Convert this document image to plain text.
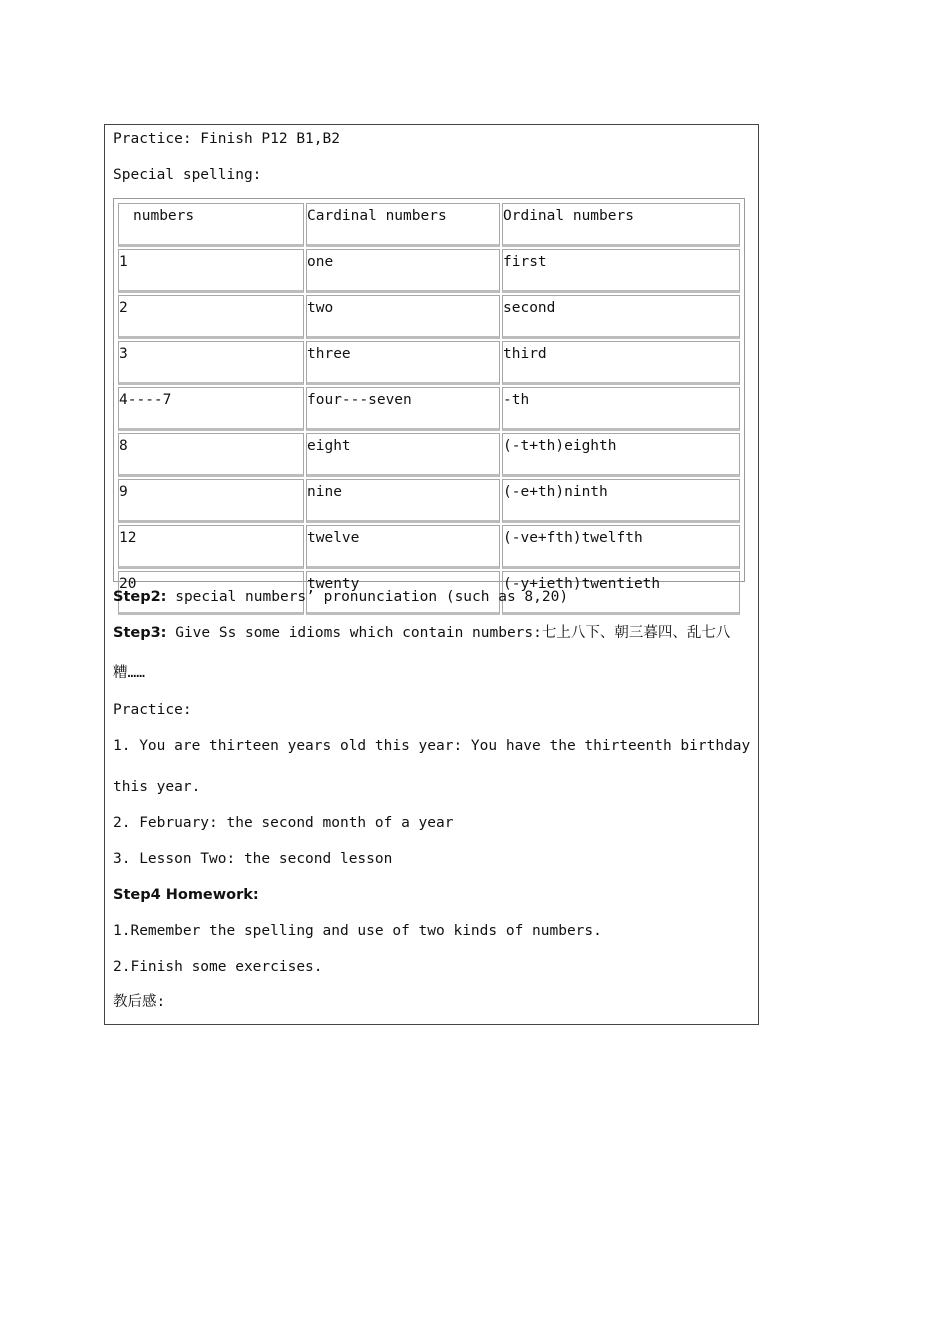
Practice: Finish P12 B1,B2
Special spelling:
numbers	Cardinal numbers	Ordinal numbers
1	one	first
2	two	second
3	three	third
4----7	four---seven	-th
8	eight	(-t+th)eighth
9	nine	(-e+th)ninth
12	twelve	(-ve+fth)twelfth
20	twenty	(-y+ieth)twentieth
Step2: special numbers’ pronunciation (such as 8,20)
Step3: Give Ss some idioms which contain numbers:七上八下、朝三暮四、乱七八
糟……
Practice:
1. You are thirteen years old this year: You have the thirteenth birthday
this year.
2. February: the second month of a year
3. Lesson Two: the second lesson
Step4 Homework:
1.Remember the spelling and use of two kinds of numbers.
2.Finish some exercises.
教后感:
